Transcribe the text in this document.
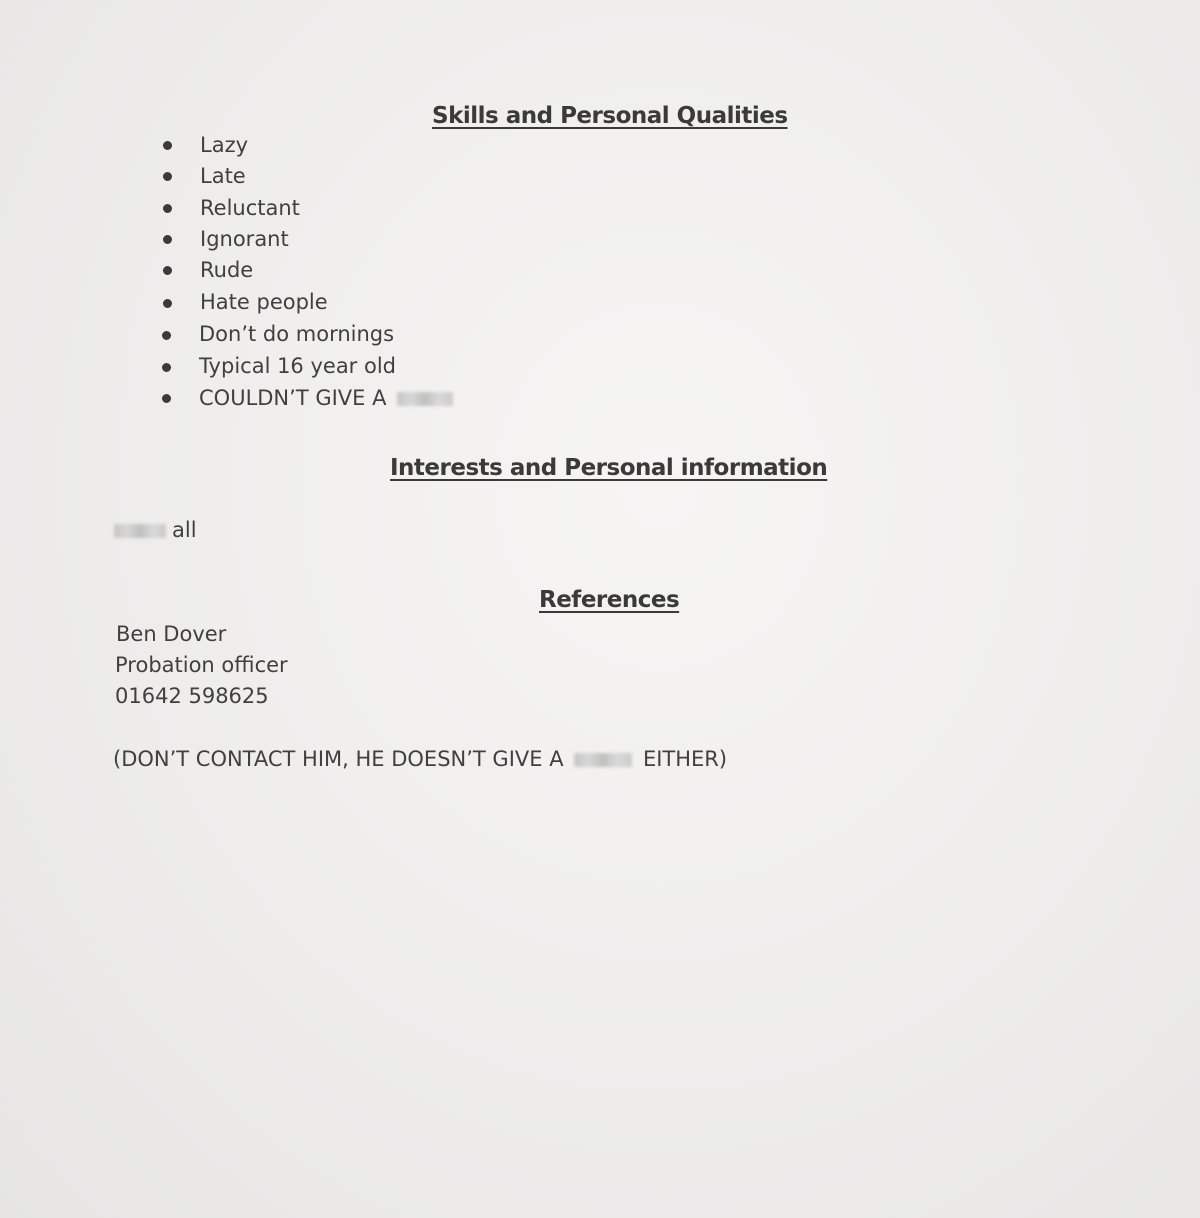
Skills and Personal Qualities
Lazy
Late
Reluctant
Ignorant
Rude
Hate people
Don’t do mornings
Typical 16 year old
COULDN’T GIVE A
Interests and Personal information
all
References
Ben Dover
Probation officer
01642 598625
(DON’T CONTACT HIM, HE DOESN’T GIVE A	EITHER)
